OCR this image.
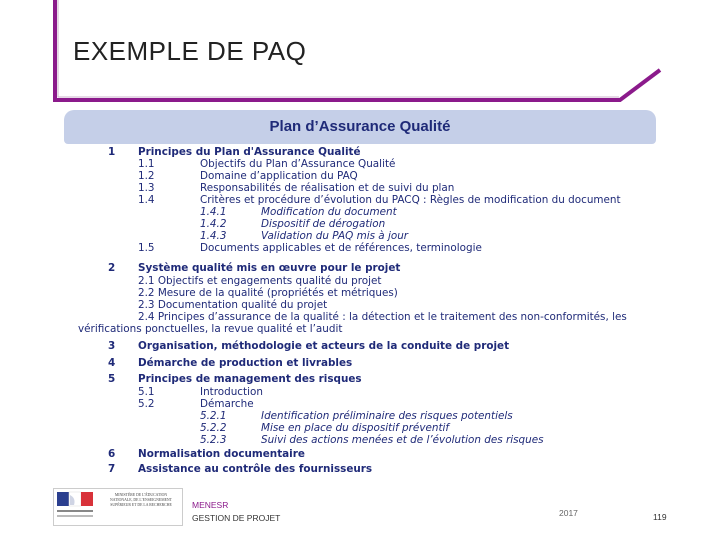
EXEMPLE DE PAQ
Plan d’Assurance Qualité
1 Principes du Plan d'Assurance Qualité
1.1	Objectifs du Plan d’Assurance Qualité
1.2	Domaine d’application du PAQ
1.3	Responsabilités de réalisation et de suivi du plan
1.4	Critères et procédure d’évolution du PACQ : Règles de modification du document
1.4.1	Modification du document
1.4.2	Dispositif de dérogation
1.4.3	Validation du PAQ mis à jour
1.5	Documents applicables et de références, terminologie
2 Système qualité mis en œuvre pour le projet
2.1 Objectifs et engagements qualité du projet
2.2 Mesure de la qualité (propriétés et métriques)
2.3 Documentation qualité du projet
2.4 Principes d’assurance de la qualité : la détection et le traitement des non-conformités, les
vérifications ponctuelles, la revue qualité et l’audit
3 Organisation, méthodologie et acteurs de la conduite de projet
4 Démarche de production et livrables
5 Principes de management des risques
5.1	Introduction
5.2	Démarche
5.2.1	Identification préliminaire des risques potentiels
5.2.2	Mise en place du dispositif préventif
5.2.3	Suivi des actions menées et de l’évolution des risques
6 Normalisation documentaire
7 Assistance au contrôle des fournisseurs
MINISTÈRE DE L’ÉDUCATION NATIONALE, DE L’ENSEIGNEMENT SUPÉRIEUR ET DE LA RECHERCHE	MENESR
GESTION DE PROJET	2017	119
